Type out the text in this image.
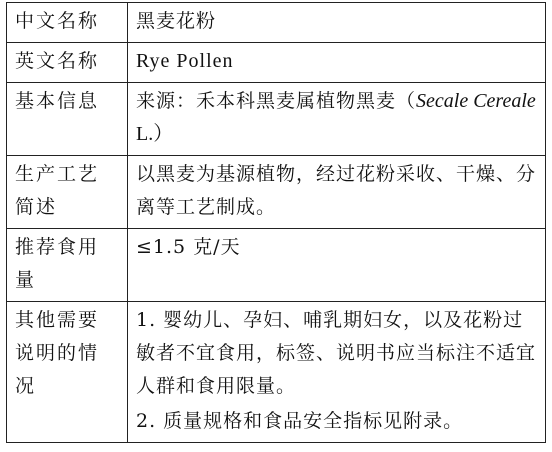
中文名称	黑麦花粉
英文名称	Rye Pollen
基本信息	来源：禾本科黑麦属植物黑麦（Secale Cereale L.）
生产工艺简述	以黑麦为基源植物，经过花粉采收、干燥、分离等工艺制成。
推荐食用量	≤1.5 克/天
其他需要说明的情况	1. 婴幼儿、孕妇、哺乳期妇女，以及花粉过敏者不宜食用，标签、说明书应当标注不适宜人群和食用限量。
2. 质量规格和食品安全指标见附录。
